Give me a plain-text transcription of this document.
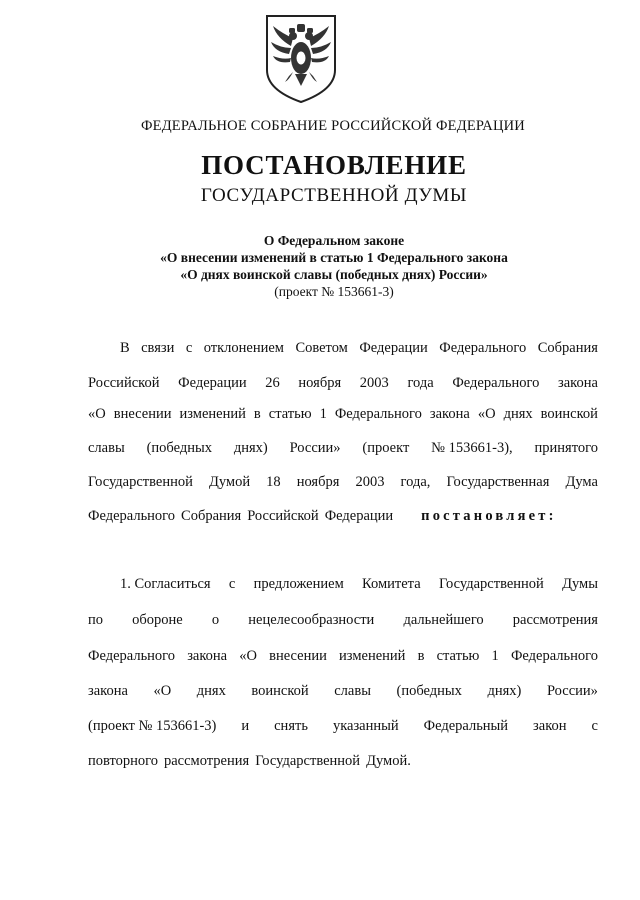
ФЕДЕРАЛЬНОЕ СОБРАНИЕ РОССИЙСКОЙ ФЕДЕРАЦИИ
ПОСТАНОВЛЕНИЕ
ГОСУДАРСТВЕННОЙ ДУМЫ
О Федеральном законе
«О внесении изменений в статью 1 Федерального закона
«О днях воинской славы (победных днях) России»
(проект № 153661-3)
В связи с отклонением Советом Федерации Федерального Собрания
Российской Федерации 26 ноября 2003 года Федерального закона
«О внесении изменений в статью 1 Федерального закона «О днях воинской
славы (победных днях) России» (проект № 153661-3), принятого
Государственной Думой 18 ноября 2003 года, Государственная Дума
Федерального Собрания Российской Федерации постановляет:
1. Согласиться с предложением Комитета Государственной Думы
по обороне о нецелесообразности дальнейшего рассмотрения
Федерального закона «О внесении изменений в статью 1 Федерального
закона «О днях воинской славы (победных днях) России»
(проект № 153661-3) и снять указанный Федеральный закон с
повторного рассмотрения Государственной Думой.
